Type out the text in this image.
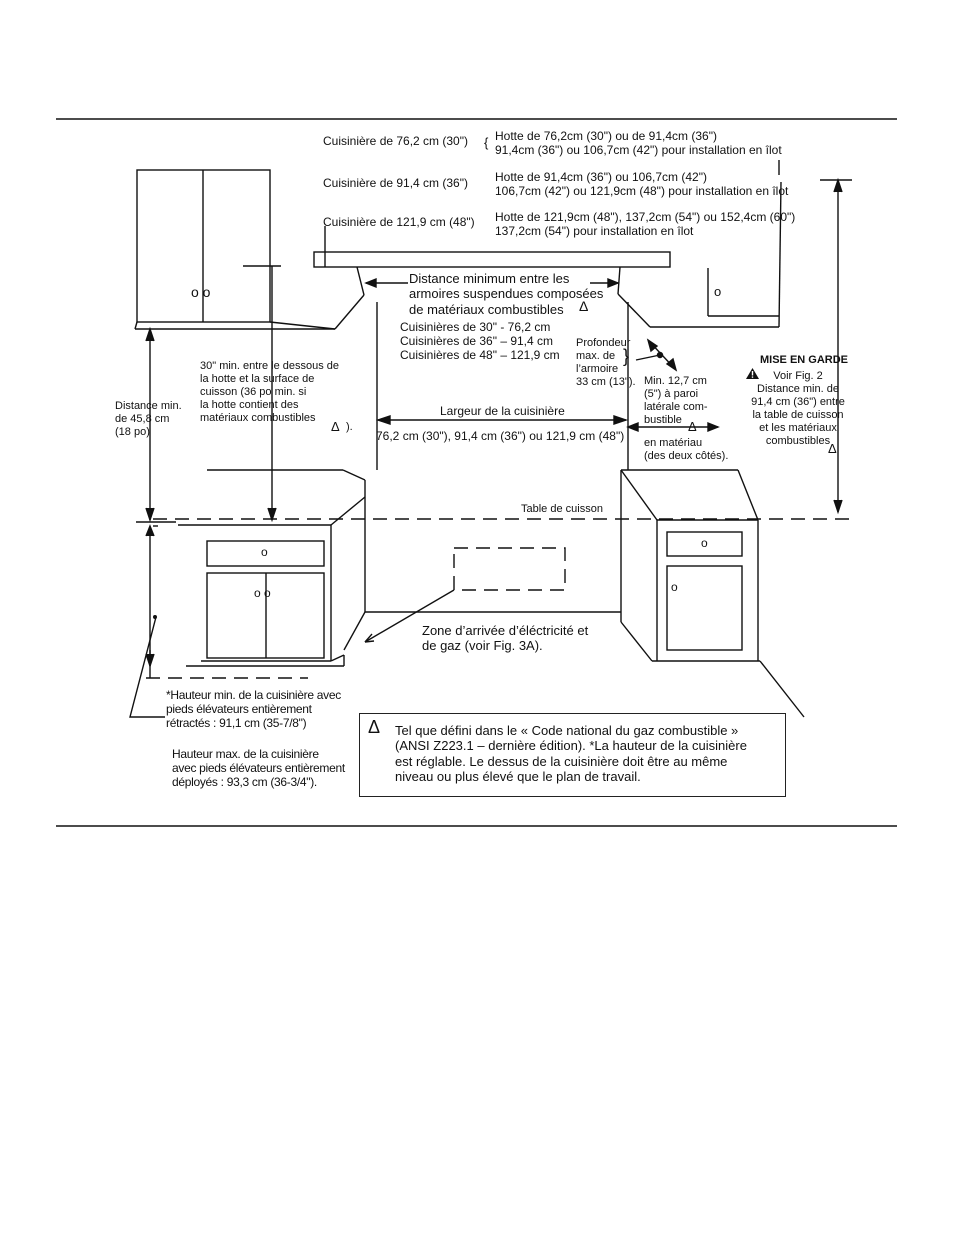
Cuisinière de 76,2 cm (30") { Hotte de 76,2cm (30") ou de 91,4cm (36")
91,4cm (36") ou 106,7cm (42") pour installation en îlot
Cuisinière de 91,4 cm (36") Hotte de 91,4cm (36") ou 106,7cm (42")
106,7cm (42") ou 121,9cm (48") pour installation en îlot
Cuisinière de 121,9 cm (48") Hotte de 121,9cm (48"), 137,2cm (54") ou 152,4cm (60")
137,2cm (54") pour installation en îlot
Distance minimum entre les
armoires suspendues composées
de matériaux combustibles	Δ
Cuisinières de 30" - 76,2 cm
Cuisinières de 36" – 91,4 cm
Cuisinières de 48" – 121,9 cm
Profondeur
max. de
l’armoire
33 cm (13").
}
Min. 12,7 cm
(5") à paroi
latérale com-
bustible Δ
en matériau
(des deux côtés).
30" min. entre le dessous de
la hotte et la surface de
cuisson (36 po min. si
la hotte contient des
matériaux combustibles
Δ ).
Distance min.
de 45,8 cm
(18 po)
Largeur de la cuisinière
76,2 cm (30"), 91,4 cm (36") ou 121,9 cm (48")

MISE EN GARDE
Voir Fig. 2
Distance min. de
91,4 cm (36") entre
la table de cuisson
et les matériaux
combustibles
Δ
Table de cuisson
Zone d’arrivée d’éléctricité et
de gaz (voir Fig. 3A).
*Hauteur min. de la cuisinière avec
pieds élévateurs entièrement
rétractés : 91,1 cm (35-7/8")
Hauteur max. de la cuisinière
avec pieds élévateurs entièrement
déployés : 93,3 cm (36-3/4").
o o	o
o
o o
o
o
Δ Tel que défini dans le « Code national du gaz combustible »
(ANSI Z223.1 – dernière édition). *La hauteur de la cuisinière
est réglable. Le dessus de la cuisinière doit être au même
niveau ou plus élevé que le plan de travail.
